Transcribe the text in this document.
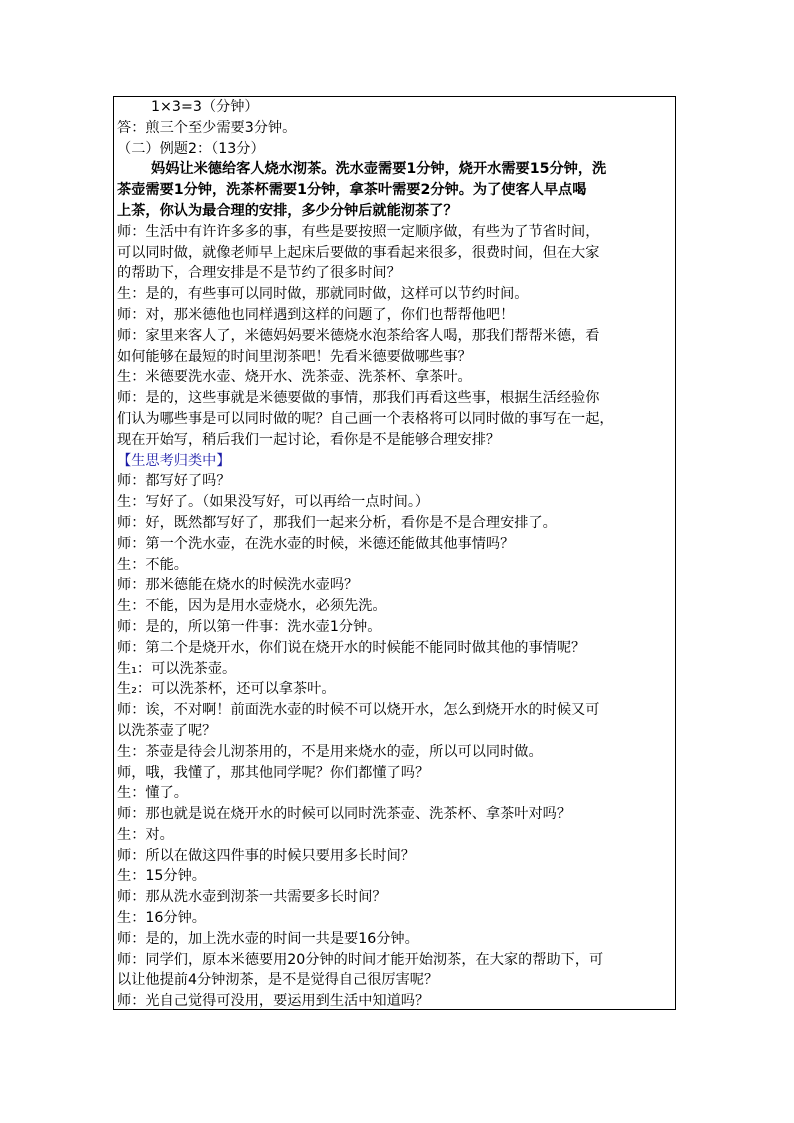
1×3=3（分钟）
答：煎三个至少需要3分钟。
（二）例题2：（13分）
妈妈让米德给客人烧水沏茶。洗水壶需要1分钟，烧开水需要15分钟，洗
茶壶需要1分钟，洗茶杯需要1分钟，拿茶叶需要2分钟。为了使客人早点喝
上茶，你认为最合理的安排，多少分钟后就能沏茶了？
师：生活中有许许多多的事，有些是要按照一定顺序做，有些为了节省时间，
可以同时做，就像老师早上起床后要做的事看起来很多，很费时间，但在大家
的帮助下，合理安排是不是节约了很多时间？
生：是的，有些事可以同时做，那就同时做，这样可以节约时间。
师：对，那米德他也同样遇到这样的问题了，你们也帮帮他吧！
师：家里来客人了，米德妈妈要米德烧水泡茶给客人喝，那我们帮帮米德，看
如何能够在最短的时间里沏茶吧！先看米德要做哪些事？
生：米德要洗水壶、烧开水、洗茶壶、洗茶杯、拿茶叶。
师：是的，这些事就是米德要做的事情，那我们再看这些事，根据生活经验你
们认为哪些事是可以同时做的呢？自己画一个表格将可以同时做的事写在一起，
现在开始写，稍后我们一起讨论，看你是不是能够合理安排？
【生思考归类中】
师：都写好了吗？
生：写好了。（如果没写好，可以再给一点时间。）
师：好，既然都写好了，那我们一起来分析，看你是不是合理安排了。
师：第一个洗水壶，在洗水壶的时候，米德还能做其他事情吗？
生：不能。
师：那米德能在烧水的时候洗水壶吗？
生：不能，因为是用水壶烧水，必须先洗。
师：是的，所以第一件事：洗水壶1分钟。
师：第二个是烧开水，你们说在烧开水的时候能不能同时做其他的事情呢？
生₁：可以洗茶壶。
生₂：可以洗茶杯，还可以拿茶叶。
师：诶，不对啊！前面洗水壶的时候不可以烧开水，怎么到烧开水的时候又可
以洗茶壶了呢？
生：茶壶是待会儿沏茶用的，不是用来烧水的壶，所以可以同时做。
师，哦，我懂了，那其他同学呢？你们都懂了吗？
生：懂了。
师：那也就是说在烧开水的时候可以同时洗茶壶、洗茶杯、拿茶叶对吗？
生：对。
师：所以在做这四件事的时候只要用多长时间？
生：15分钟。
师：那从洗水壶到沏茶一共需要多长时间？
生：16分钟。
师：是的，加上洗水壶的时间一共是要16分钟。
师：同学们，原本米德要用20分钟的时间才能开始沏茶，在大家的帮助下，可
以让他提前4分钟沏茶，是不是觉得自己很厉害呢？
师：光自己觉得可没用，要运用到生活中知道吗？
